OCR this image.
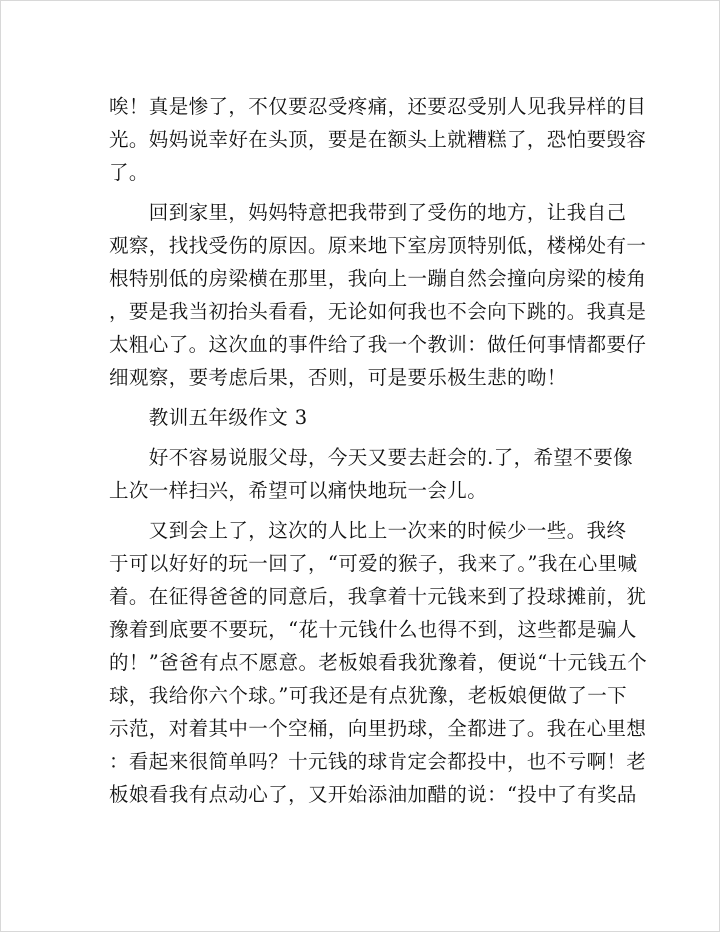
唉！真是惨了，不仅要忍受疼痛，还要忍受别人见我异样的目
光。妈妈说幸好在头顶，要是在额头上就糟糕了，恐怕要毁容
了。
　　回到家里，妈妈特意把我带到了受伤的地方，让我自己
观察，找找受伤的原因。原来地下室房顶特别低，楼梯处有一
根特别低的房梁横在那里，我向上一蹦自然会撞向房梁的棱角
，要是我当初抬头看看，无论如何我也不会向下跳的。我真是
太粗心了。这次血的事件给了我一个教训：做任何事情都要仔
细观察，要考虑后果，否则，可是要乐极生悲的呦！
　　教训五年级作文 3
　　好不容易说服父母，今天又要去赶会的.了，希望不要像
上次一样扫兴，希望可以痛快地玩一会儿。
　　又到会上了，这次的人比上一次来的时候少一些。我终
于可以好好的玩一回了，“可爱的猴子，我来了。”我在心里喊
着。在征得爸爸的同意后，我拿着十元钱来到了投球摊前，犹
豫着到底要不要玩，“花十元钱什么也得不到，这些都是骗人
的！”爸爸有点不愿意。老板娘看我犹豫着，便说“十元钱五个
球，我给你六个球。”可我还是有点犹豫，老板娘便做了一下
示范，对着其中一个空桶，向里扔球，全都进了。我在心里想
：看起来很简单吗？十元钱的球肯定会都投中，也不亏啊！老
板娘看我有点动心了，又开始添油加醋的说：“投中了有奖品
